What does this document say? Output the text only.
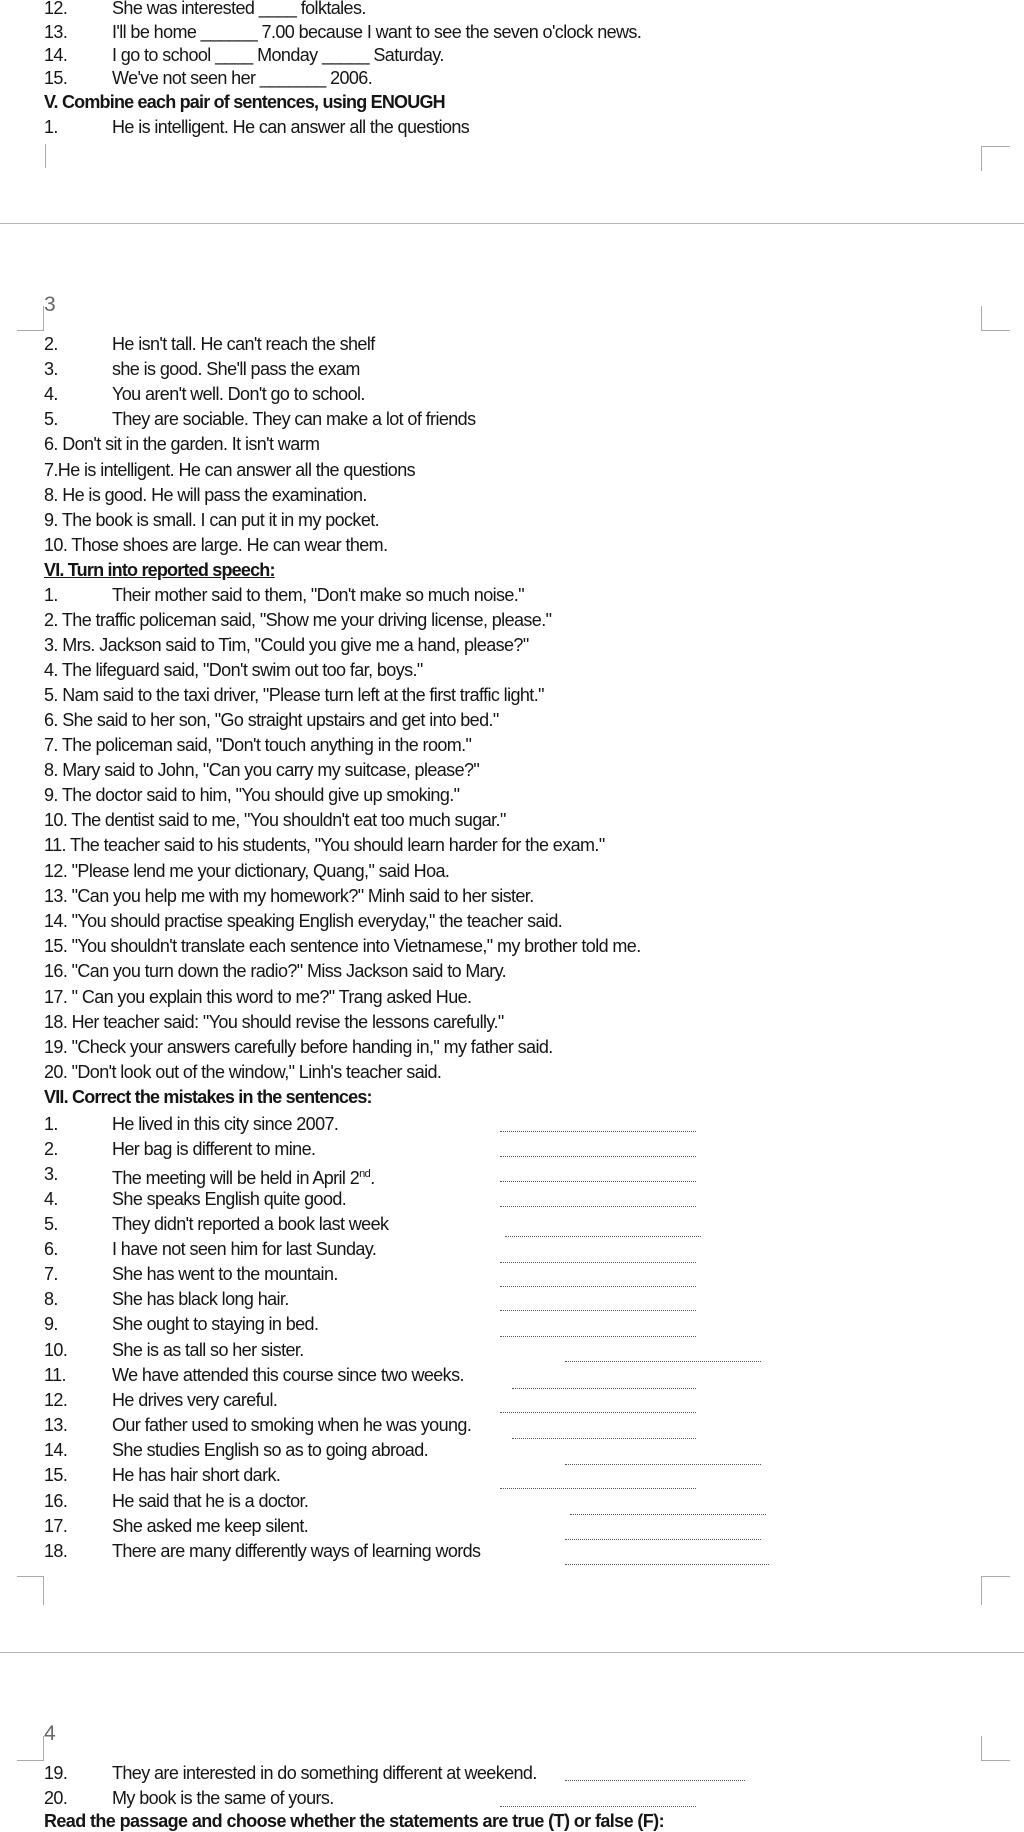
12. She was interested ____ folktales.
13. I'll be home ______ 7.00 because I want to see the seven o'clock news.
14. I go to school ____ Monday _____ Saturday.
15. We've not seen her _______ 2006.
V. Combine each pair of sentences, using ENOUGH
1.	He is intelligent. He can answer all the questions
3
2.	He isn't tall. He can't reach the shelf
3.	she is good. She'll pass the exam
4.	You aren't well. Don't go to school.
5.	They are sociable. They can make a lot of friends
6. Don't sit in the garden. It isn't warm
7.He is intelligent. He can answer all the questions
8. He is good. He will pass the examination.
9. The book is small. I can put it in my pocket.
10. Those shoes are large. He can wear them.
VI. Turn into reported speech:
1.	Their mother said to them, "Don't make so much noise."
2. The traffic policeman said, "Show me your driving license, please."
3. Mrs. Jackson said to Tim, "Could you give me a hand, please?"
4. The lifeguard said, "Don't swim out too far, boys."
5. Nam said to the taxi driver, "Please turn left at the first traffic light."
6. She said to her son, "Go straight upstairs and get into bed."
7. The policeman said, "Don't touch anything in the room."
8. Mary said to John, "Can you carry my suitcase, please?"
9. The doctor said to him, "You should give up smoking."
10. The dentist said to me, "You shouldn't eat too much sugar."
11. The teacher said to his students, "You should learn harder for the exam."
12. "Please lend me your dictionary, Quang," said Hoa.
13. "Can you help me with my homework?" Minh said to her sister.
14. "You should practise speaking English everyday," the teacher said.
15. "You shouldn't translate each sentence into Vietnamese," my brother told me.
16. "Can you turn down the radio?" Miss Jackson said to Mary.
17. " Can you explain this word to me?" Trang asked Hue.
18. Her teacher said: "You should revise the lessons carefully."
19. "Check your answers carefully before handing in," my father said.
20. "Don't look out of the window," Linh's teacher said.
VII. Correct the mistakes in the sentences:
1.	He lived in this city since 2007.
2.	Her bag is different to mine.
3.	The meeting will be held in April 2nd.
4.	She speaks English quite good.
5.	They didn't reported a book last week
6.	I have not seen him for last Sunday.
7.	She has went to the mountain.
8.	She has black long hair.
9.	She ought to staying in bed.
10. She is as tall so her sister.
11.	We have attended this course since two weeks.
12. He drives very careful.
13. Our father used to smoking when he was young.
14. She studies English so as to going abroad.
15. He has hair short dark.
16. He said that he is a doctor.
17. She asked me keep silent.
18. There are many differently ways of learning words
4
19. They are interested in do something different at weekend.
20. My book is the same of yours.
Read the passage and choose whether the statements are true (T) or false (F):
